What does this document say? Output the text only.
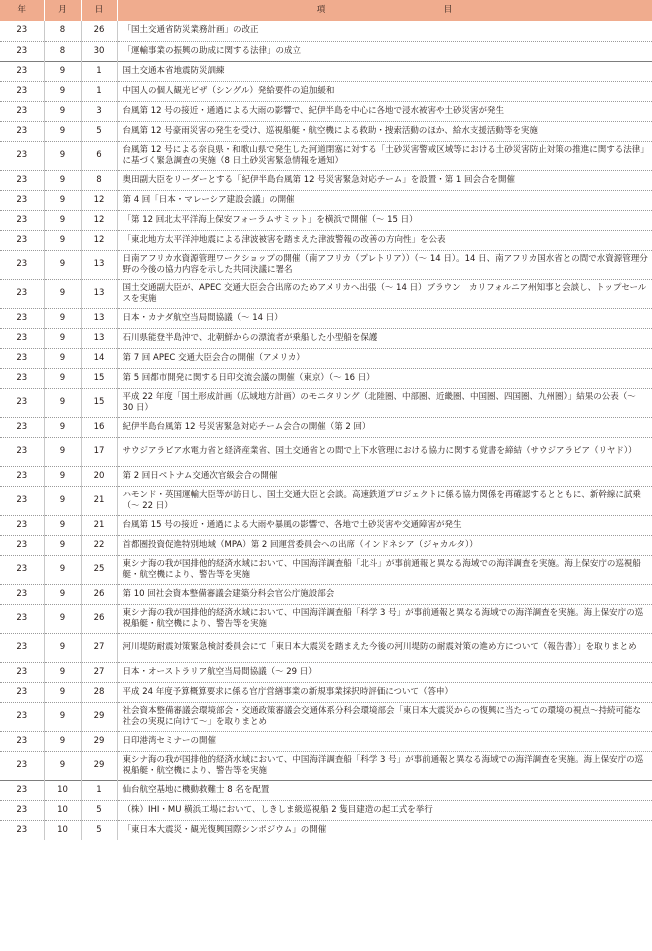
年	月	日	項 目
23	8	26	「国土交通省防災業務計画」の改正
23	8	30	「運輸事業の振興の助成に関する法律」の成立
23	9	1	国土交通本省地震防災訓練
23	9	1	中国人の個人観光ビザ（シングル）発給要件の追加緩和
23	9	3	台風第 12 号の接近・通過による大雨の影響で、紀伊半島を中心に各地で浸水被害や土砂災害が発生
23	9	5	台風第 12 号豪雨災害の発生を受け、巡視船艇・航空機による救助・捜索活動のほか、給水支援活動等を実施
23	9	6	台風第 12 号による奈良県・和歌山県で発生した河道閉塞に対する「土砂災害警戒区域等における土砂災害防止対策の推進に関する法律」に基づく緊急調査の実施（8 日土砂災害緊急情報を通知）
23	9	8	奥田副大臣をリーダーとする「紀伊半島台風第 12 号災害緊急対応チーム」を設置・第 1 回会合を開催
23	9	12	第 4 回「日本・マレーシア建設会議」の開催
23	9	12	「第 12 回北太平洋海上保安フォーラムサミット」を横浜で開催（～ 15 日）
23	9	12	「東北地方太平洋沖地震による津波被害を踏まえた津波警報の改善の方向性」を公表
23	9	13	日南アフリカ水資源管理ワークショップの開催（南アフリカ（プレトリア））（～ 14 日）。14 日、南アフリカ国水省との間で水資源管理分野の今後の協力内容を示した共同決議に署名
23	9	13	国土交通副大臣が、APEC 交通大臣会合出席のためアメリカへ出張（～ 14 日）ブラウン　カリフォルニア州知事と会談し、トップセールスを実施
23	9	13	日本・カナダ航空当局間協議（～ 14 日）
23	9	13	石川県能登半島沖で、北朝鮮からの漂流者が乗船した小型船を保護
23	9	14	第 7 回 APEC 交通大臣会合の開催（アメリカ）
23	9	15	第 5 回都市開発に関する日印交流会議の開催（東京）（～ 16 日）
23	9	15	平成 22 年度「国土形成計画（広域地方計画）のモニタリング（北陸圏、中部圏、近畿圏、中国圏、四国圏、九州圏）」結果の公表（～ 30 日）
23	9	16	紀伊半島台風第 12 号災害緊急対応チーム会合の開催（第 2 回）
23	9	17	サウジアラビア水電力省と経済産業省、国土交通省との間で上下水管理における協力に関する覚書を締結（サウジアラビア（リヤド））
23	9	20	第 2 回日ベトナム交通次官級会合の開催
23	9	21	ハモンド・英国運輸大臣等が訪日し、国土交通大臣と会談。高速鉄道プロジェクトに係る協力関係を再確認するとともに、新幹線に試乗（～ 22 日）
23	9	21	台風第 15 号の接近・通過による大雨や暴風の影響で、各地で土砂災害や交通障害が発生
23	9	22	首都圏投資促進特別地域（MPA）第 2 回運営委員会への出席（インドネシア（ジャカルタ））
23	9	25	東シナ海の我が国排他的経済水域において、中国海洋調査船「北斗」が事前通報と異なる海域での海洋調査を実施。海上保安庁の巡視船艇・航空機により、警告等を実施
23	9	26	第 10 回社会資本整備審議会建築分科会官公庁施設部会
23	9	26	東シナ海の我が国排他的経済水域において、中国海洋調査船「科学 3 号」が事前通報と異なる海域での海洋調査を実施。海上保安庁の巡視船艇・航空機により、警告等を実施
23	9	27	河川堤防耐震対策緊急検討委員会にて「東日本大震災を踏まえた今後の河川堤防の耐震対策の進め方について（報告書）」を取りまとめ
23	9	27	日本・オーストラリア航空当局間協議（～ 29 日）
23	9	28	平成 24 年度予算概算要求に係る官庁営繕事業の新規事業採択時評価について（答申）
23	9	29	社会資本整備審議会環境部会・交通政策審議会交通体系分科会環境部会「東日本大震災からの復興に当たっての環境の視点～持続可能な社会の実現に向けて～」を取りまとめ
23	9	29	日印港湾セミナーの開催
23	9	29	東シナ海の我が国排他的経済水域において、中国海洋調査船「科学 3 号」が事前通報と異なる海域での海洋調査を実施。海上保安庁の巡視船艇・航空機により、警告等を実施
23	10	1	仙台航空基地に機動救難士 8 名を配置
23	10	5	（株）IHI・MU 横浜工場において、しきしま級巡視船 2 隻目建造の起工式を挙行
23	10	5	「東日本大震災・観光復興国際シンポジウム」の開催
